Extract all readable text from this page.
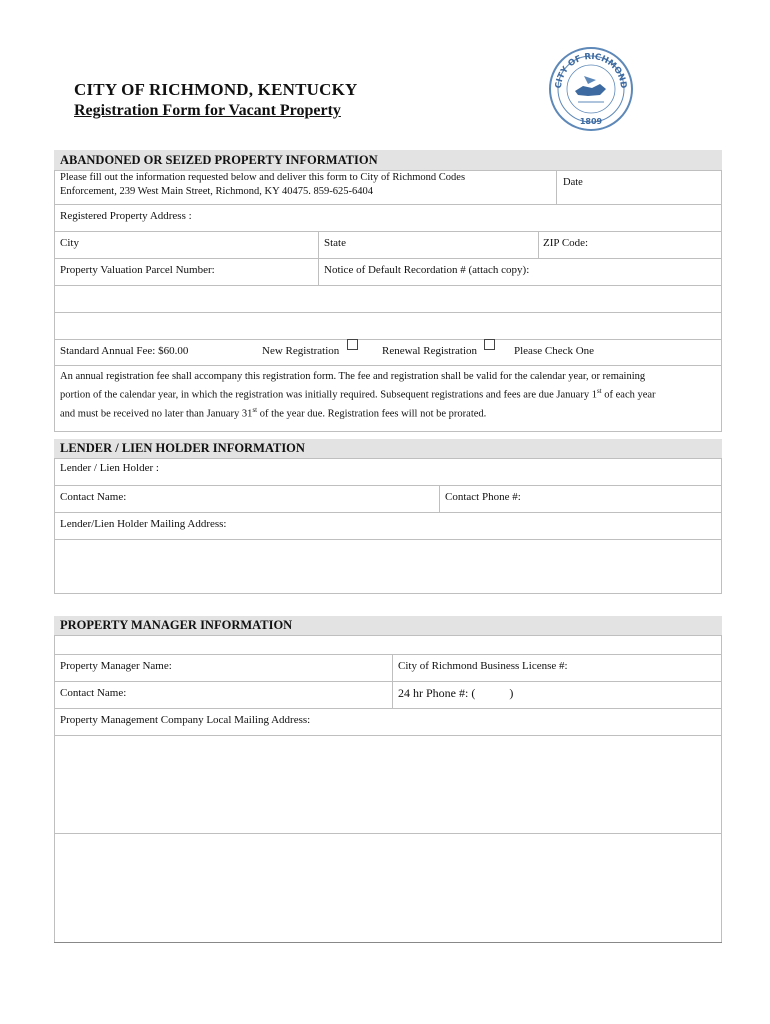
CITY OF RICHMOND, KENTUCKY
Registration Form for Vacant Property
CITY OF RICHMOND
1809
ABANDONED OR SEIZED PROPERTY INFORMATION
Please fill out the information requested below and deliver this form to City of Richmond Codes
Enforcement, 239 West Main Street, Richmond, KY 40475. 859-625-6404
Date
Registered Property Address :
City	State	ZIP Code:
Property Valuation Parcel Number:	Notice of Default Recordation # (attach copy):
Standard Annual Fee: $60.00	New Registration	Renewal Registration	Please Check One
An annual registration fee shall accompany this registration form. The fee and registration shall be valid for the calendar year, or remaining
portion of the calendar year, in which the registration was initially required. Subsequent registrations and fees are due January 1st of each year
and must be received no later than January 31st of the year due. Registration fees will not be prorated.
LENDER / LIEN HOLDER INFORMATION
Lender / Lien Holder :
Contact Name:	Contact Phone #:
Lender/Lien Holder Mailing Address:
PROPERTY MANAGER INFORMATION
Property Manager Name:	City of Richmond Business License #:
Contact Name:	24 hr Phone #: (	)
Property Management Company Local Mailing Address:
